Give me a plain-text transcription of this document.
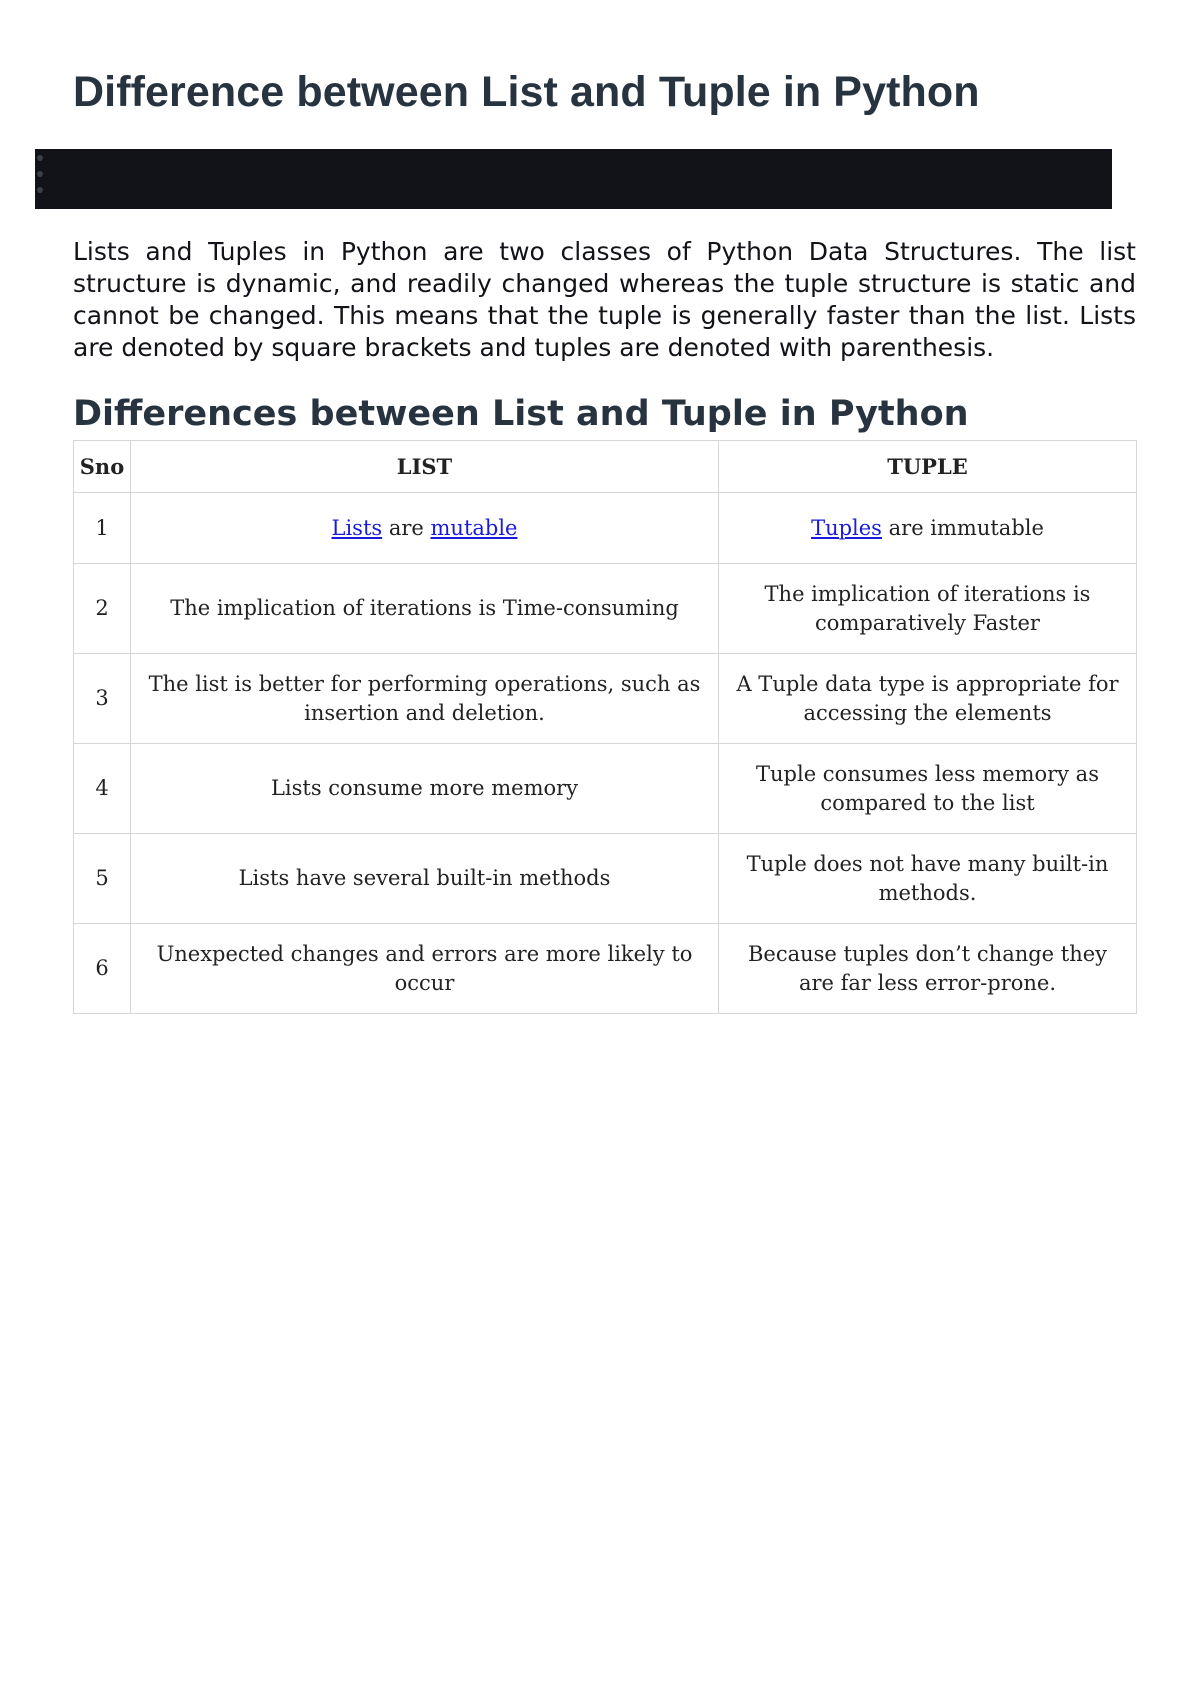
Difference between List and Tuple in Python

Lists and Tuples in Python are two classes of Python Data Structures. The list structure is dynamic, and readily changed whereas the tuple structure is static and cannot be changed. This means that the tuple is generally faster than the list. Lists are denoted by square brackets and tuples are denoted with parenthesis.

Differences between List and Tuple in Python
Sno	LIST	TUPLE
1	Lists are mutable	Tuples are immutable
2	The implication of iterations is Time-consuming	The implication of iterations is comparatively Faster
3	The list is better for performing operations, such as insertion and deletion.	A Tuple data type is appropriate for accessing the elements
4	Lists consume more memory	Tuple consumes less memory as compared to the list
5	Lists have several built-in methods	Tuple does not have many built-in methods.
6	Unexpected changes and errors are more likely to occur	Because tuples don’t change they are far less error-prone.
